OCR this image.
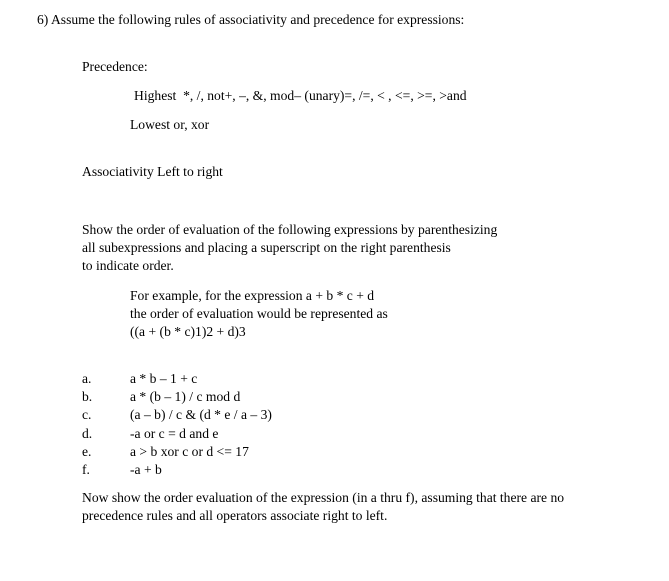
6) Assume the following rules of associativity and precedence for expressions:
Precedence:
Highest  *, /, not+, –, &, mod– (unary)=, /=, < , <=, >=, >and
Lowest or, xor
Associativity Left to right
Show the order of evaluation of the following expressions by parenthesizing
all subexpressions and placing a superscript on the right parenthesis
to indicate order.
For example, for the expression a + b * c + d
the order of evaluation would be represented as
((a + (b * c)1)2 + d)3
a.	a * b – 1 + c
b.	a * (b – 1) / c mod d
c.	(a – b) / c & (d * e / a – 3)
d.	-a or c = d and e
e.	a > b xor c or d <= 17
f.	-a + b
Now show the order evaluation of the expression (in a thru f), assuming that there are no
precedence rules and all operators associate right to left.
